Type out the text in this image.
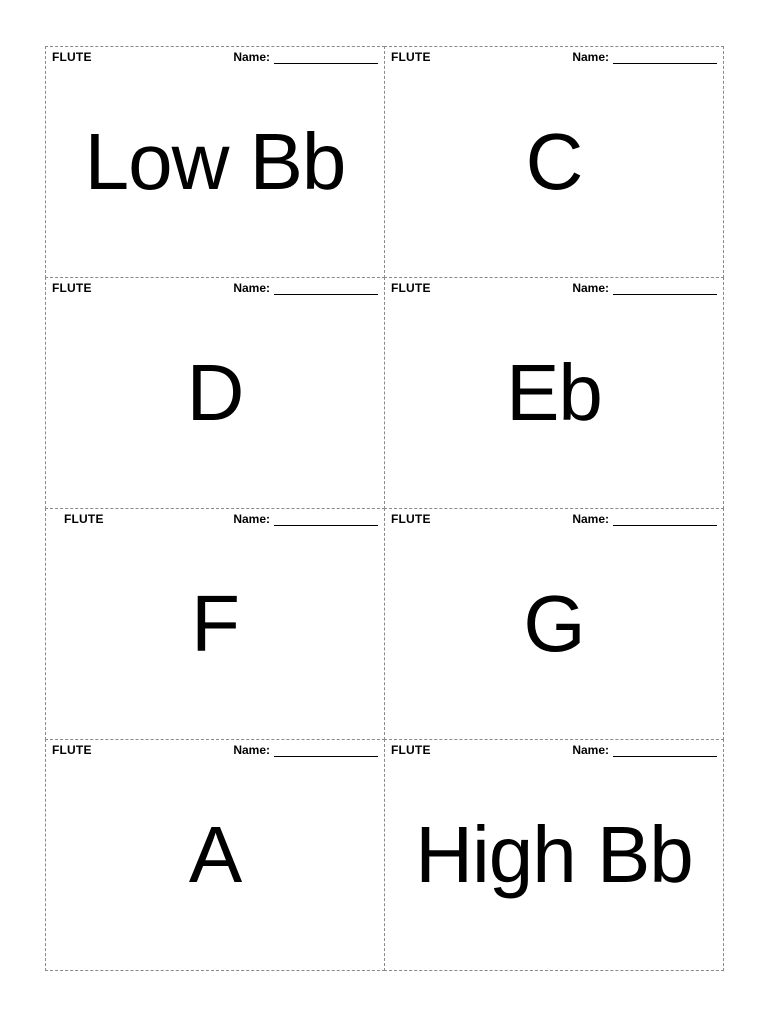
FLUTE	Name:
Low Bb
FLUTE	Name:
C
FLUTE	Name:
D
FLUTE	Name:
Eb
FLUTE	Name:
F
FLUTE	Name:
G
FLUTE	Name:
A
FLUTE	Name:
High Bb
